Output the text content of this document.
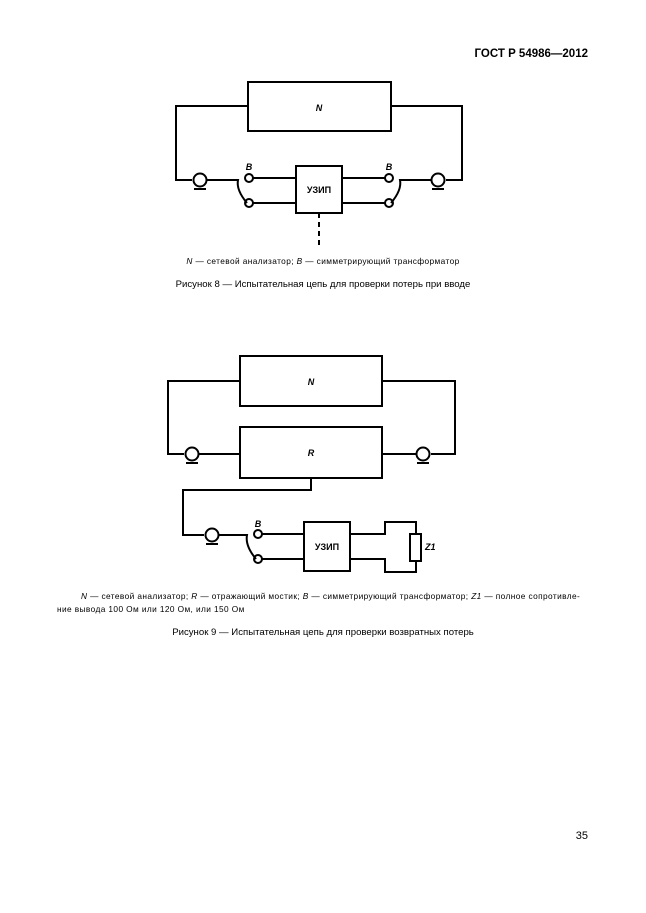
ГОСТ Р 54986—2012
N
УЗИП
B	B
N
R
УЗИП
B
Z1
N — сетевой анализатор; B — симметрирующий трансформатор
Рисунок 8 — Испытательная цепь для проверки потерь при вводе
N — сетевой анализатор; R — отражающий мостик; B — симметрирующий трансформатор; Z1 — полное сопротивле-
ние вывода 100 Ом или 120 Ом, или 150 Ом
Рисунок 9 — Испытательная цепь для проверки возвратных потерь
35
